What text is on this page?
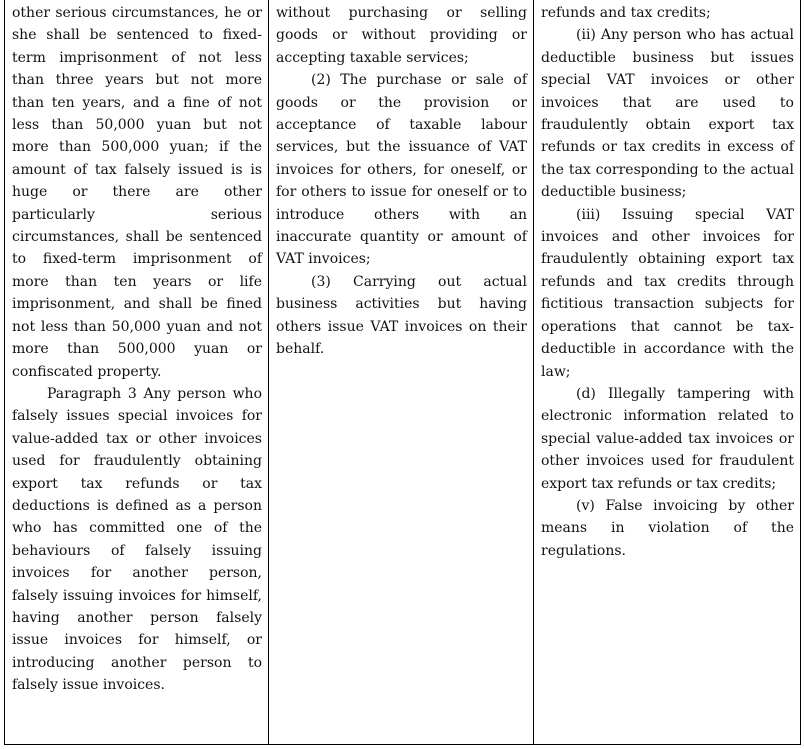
other serious circumstances, he or she shall be sentenced to fixed-term imprisonment of not less than three years but not more than ten years, and a fine of not less than 50,000 yuan but not more than 500,000 yuan; if the amount of tax falsely issued is is huge or there are other particularly serious circumstances, shall be sentenced to fixed-term imprisonment of more than ten years or life imprisonment, and shall be fined not less than 50,000 yuan and not more than 500,000 yuan or confiscated property.

Paragraph 3 Any person who falsely issues special invoices for value-added tax or other invoices used for fraudulently obtaining export tax refunds or tax deductions is defined as a person who has committed one of the behaviours of falsely issuing invoices for another person, falsely issuing invoices for himself, having another person falsely issue invoices for himself, or introducing another person to falsely issue invoices.

without purchasing or selling goods or without providing or accepting taxable services;

(2) The purchase or sale of goods or the provision or acceptance of taxable labour services, but the issuance of VAT invoices for others, for oneself, or for others to issue for oneself or to introduce others with an inaccurate quantity or amount of VAT invoices;

(3) Carrying out actual business activities but having others issue VAT invoices on their behalf.

refunds and tax credits;

(ii) Any person who has actual deductible business but issues special VAT invoices or other invoices that are used to fraudulently obtain export tax refunds or tax credits in excess of the tax corresponding to the actual deductible business;

(iii) Issuing special VAT invoices and other invoices for fraudulently obtaining export tax refunds and tax credits through fictitious transaction subjects for operations that cannot be tax-deductible in accordance with the law;

(d) Illegally tampering with electronic information related to special value-added tax invoices or other invoices used for fraudulent export tax refunds or tax credits;

(v) False invoicing by other means in violation of the regulations.
